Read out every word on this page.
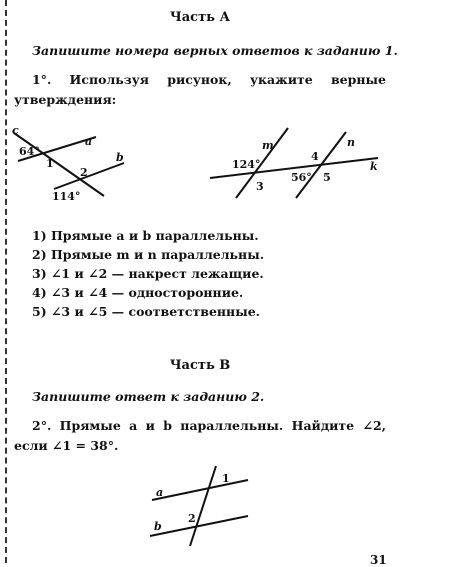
Часть А

Запишите номера верных ответов к заданию 1.

1°. Используя рисунок, укажите верные утверждения:

c
a
b
64°
1
2
114°
m	n
k
124°
4
3
56° 5
1) Прямые a и b параллельны.
2) Прямые m и n параллельны.
3) ∠1 и ∠2 — накрест лежащие.
4) ∠3 и ∠4 — односторонние.
5) ∠3 и ∠5 — соответственные.
Часть В

Запишите ответ к заданию 2.

2°. Прямые a и b параллельны. Найдите ∠2, если ∠1 = 38°.

a
b
1
2

31
